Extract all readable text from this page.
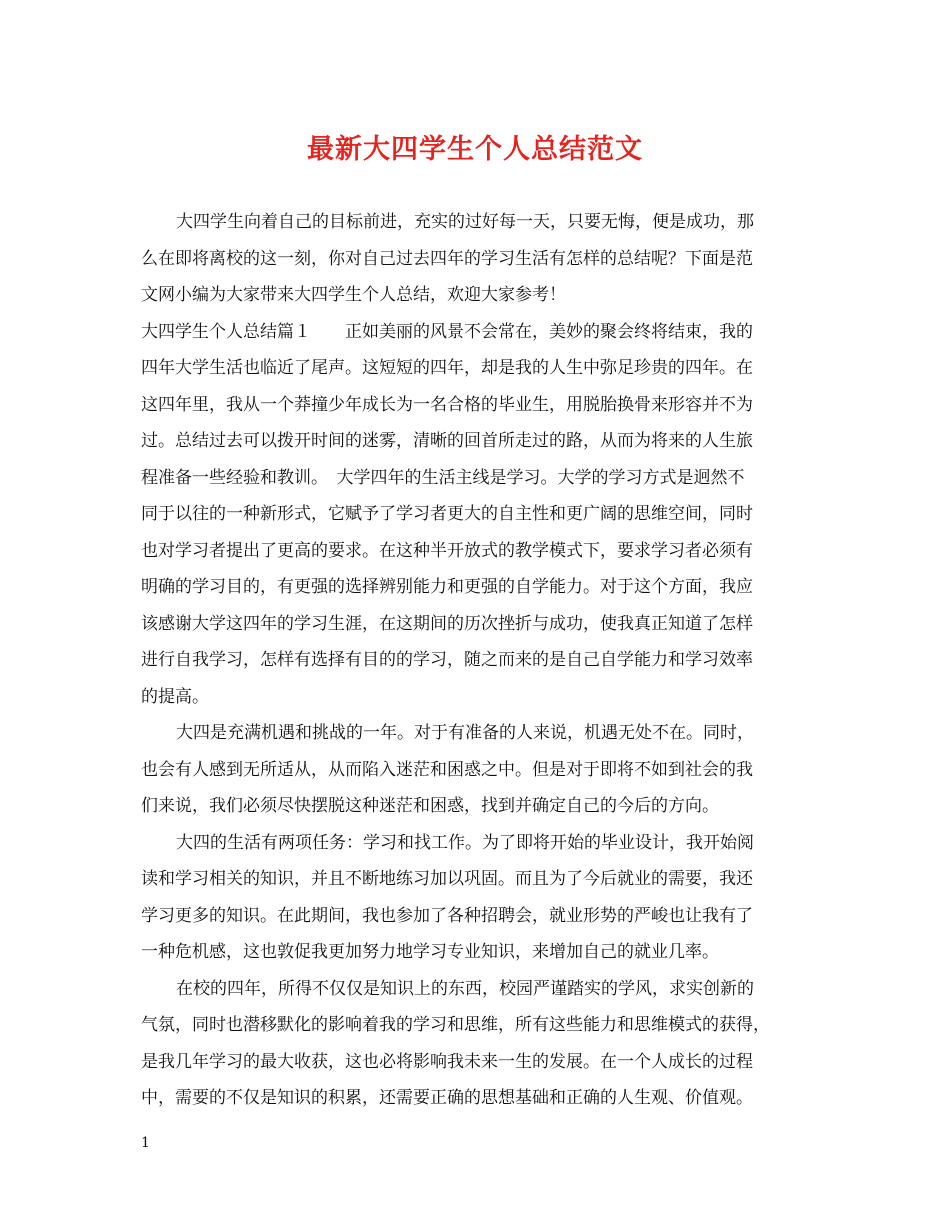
最新大四学生个人总结范文
大四学生向着自己的目标前进，充实的过好每一天，只要无悔，便是成功，那
么在即将离校的这一刻，你对自己过去四年的学习生活有怎样的总结呢？下面是范
文网小编为大家带来大四学生个人总结，欢迎大家参考！
大四学生个人总结篇１　　正如美丽的风景不会常在，美妙的聚会终将结束，我的
四年大学生活也临近了尾声。这短短的四年，却是我的人生中弥足珍贵的四年。在
这四年里，我从一个莽撞少年成长为一名合格的毕业生，用脱胎换骨来形容并不为
过。总结过去可以拨开时间的迷雾，清晰的回首所走过的路，从而为将来的人生旅
程准备一些经验和教训。　大学四年的生活主线是学习。大学的学习方式是迥然不
同于以往的一种新形式，它赋予了学习者更大的自主性和更广阔的思维空间，同时
也对学习者提出了更高的要求。在这种半开放式的教学模式下，要求学习者必须有
明确的学习目的，有更强的选择辨别能力和更强的自学能力。对于这个方面，我应
该感谢大学这四年的学习生涯，在这期间的历次挫折与成功，使我真正知道了怎样
进行自我学习，怎样有选择有目的的学习，随之而来的是自己自学能力和学习效率
的提高。
大四是充满机遇和挑战的一年。对于有准备的人来说，机遇无处不在。同时，
也会有人感到无所适从，从而陷入迷茫和困惑之中。但是对于即将不如到社会的我
们来说，我们必须尽快摆脱这种迷茫和困惑，找到并确定自己的今后的方向。
大四的生活有两项任务：学习和找工作。为了即将开始的毕业设计，我开始阅
读和学习相关的知识，并且不断地练习加以巩固。而且为了今后就业的需要，我还
学习更多的知识。在此期间，我也参加了各种招聘会，就业形势的严峻也让我有了
一种危机感，这也敦促我更加努力地学习专业知识，来增加自己的就业几率。
在校的四年，所得不仅仅是知识上的东西，校园严谨踏实的学风，求实创新的
气氛，同时也潜移默化的影响着我的学习和思维，所有这些能力和思维模式的获得，
是我几年学习的最大收获，这也必将影响我未来一生的发展。在一个人成长的过程
中，需要的不仅是知识的积累，还需要正确的思想基础和正确的人生观、价值观。
1
